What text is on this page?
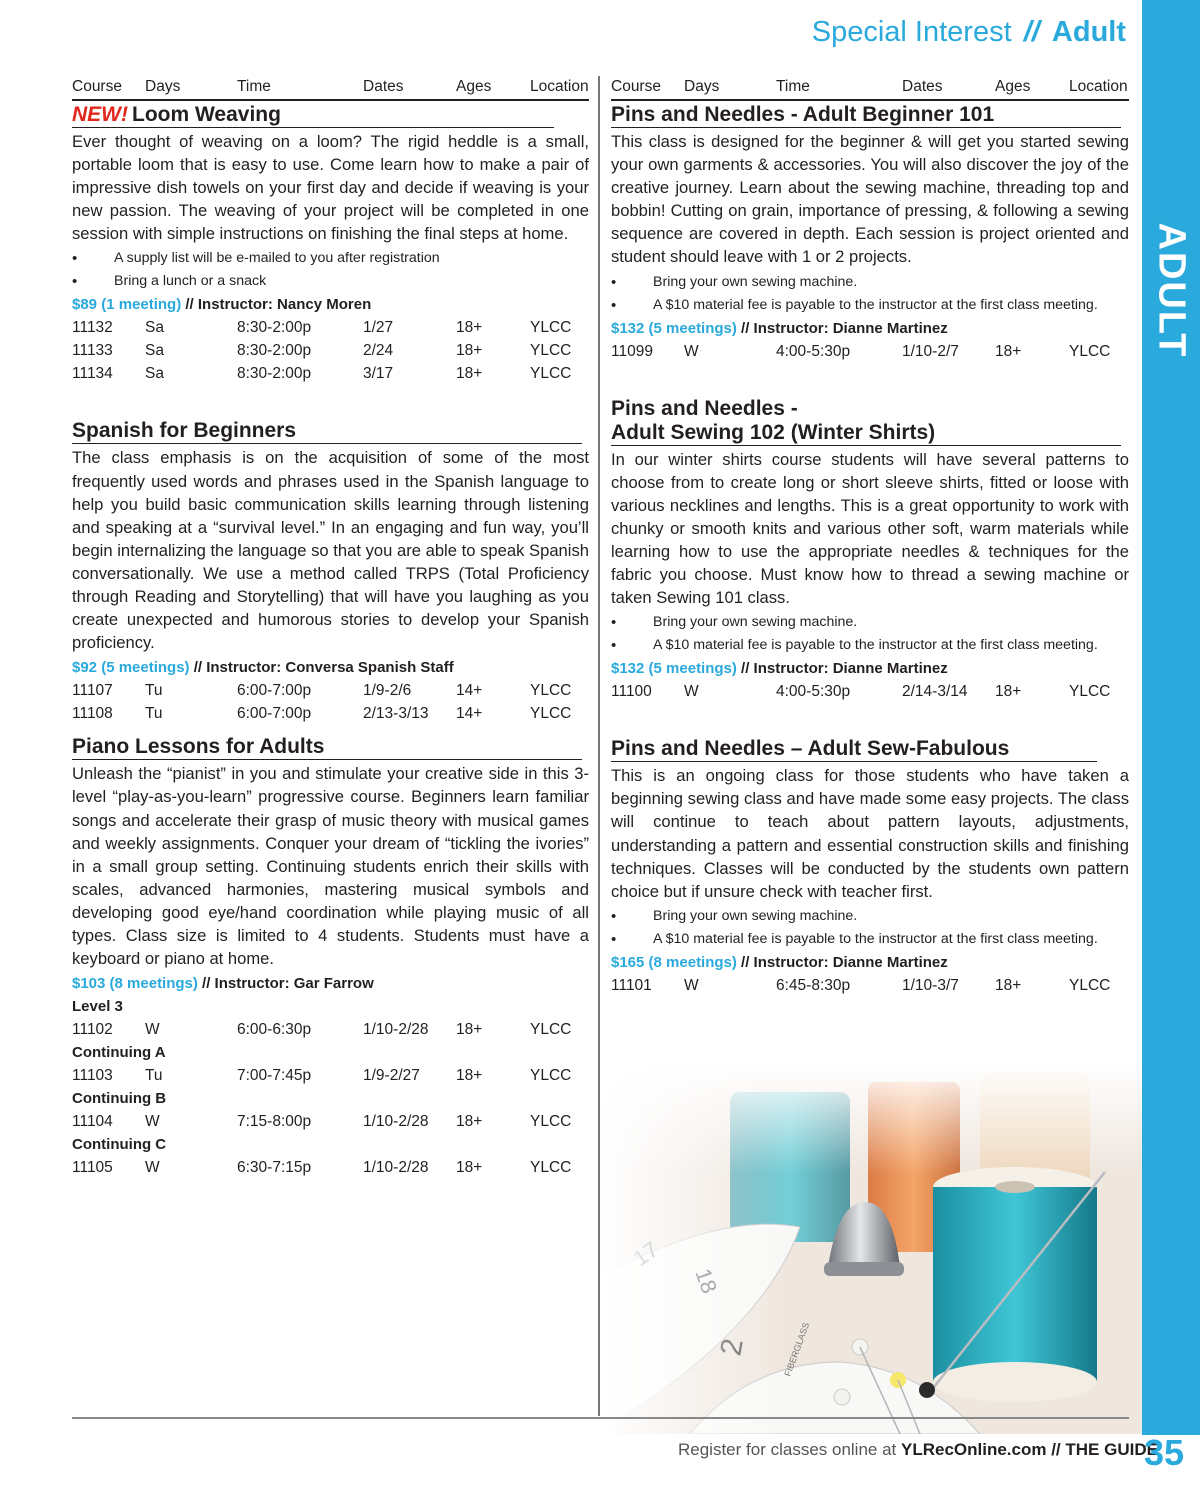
Special Interest // Adult
ADULT
Course	Days	Time	Dates	Ages	Location
NEW! Loom Weaving

Ever thought of weaving on a loom? The rigid heddle is a small, portable loom that is easy to use. Come learn how to make a pair of impressive dish towels on your first day and decide if weaving is your new passion. The weaving of your project will be completed in one session with simple instructions on finishing the final steps at home.

• A supply list will be e-mailed to you after registration
• Bring a lunch or a snack
$89 (1 meeting) // Instructor: Nancy Moren
11132	Sa	8:30-2:00p	1/27	18+	YLCC
11133	Sa	8:30-2:00p	2/24	18+	YLCC
11134	Sa	8:30-2:00p	3/17	18+	YLCC
Spanish for Beginners

The class emphasis is on the acquisition of some of the most frequently used words and phrases used in the Spanish language to help you build basic communication skills learning through listening and speaking at a “survival level.” In an engaging and fun way, you’ll begin internalizing the language so that you are able to speak Spanish conversationally. We use a method called TRPS (Total Proficiency through Reading and Storytelling) that will have you laughing as you create unexpected and humorous stories to develop your Spanish proficiency.

$92 (5 meetings) // Instructor: Conversa Spanish Staff
11107	Tu	6:00-7:00p	1/9-2/6	14+	YLCC
11108	Tu	6:00-7:00p	2/13-3/13	14+	YLCC
Piano Lessons for Adults

Unleash the “pianist” in you and stimulate your creative side in this 3-level “play-as-you-learn” progressive course. Beginners learn familiar songs and accelerate their grasp of music theory with musical games and weekly assignments. Conquer your dream of “tickling the ivories” in a small group setting. Continuing students enrich their skills with scales, advanced harmonies, mastering musical symbols and developing good eye/hand coordination while playing music of all types. Class size is limited to 4 students. Students must have a keyboard or piano at home.

$103 (8 meetings) // Instructor: Gar Farrow
Level 3
11102	W	6:00-6:30p	1/10-2/28	18+	YLCC
Continuing A
11103	Tu	7:00-7:45p	1/9-2/27	18+	YLCC
Continuing B
11104	W	7:15-8:00p	1/10-2/28	18+	YLCC
Continuing C
11105	W	6:30-7:15p	1/10-2/28	18+	YLCC
Course	Days	Time	Dates	Ages	Location
Pins and Needles - Adult Beginner 101

This class is designed for the beginner & will get you started sewing your own garments & accessories. You will also discover the joy of the creative journey. Learn about the sewing machine, threading top and bobbin! Cutting on grain, importance of pressing, & following a sewing sequence are covered in depth. Each session is project oriented and student should leave with 1 or 2 projects.

• Bring your own sewing machine.
• A $10 material fee is payable to the instructor at the first class meeting.
$132 (5 meetings) // Instructor: Dianne Martinez
11099	W	4:00-5:30p	1/10-2/7	18+	YLCC
Pins and Needles -
Adult Sewing 102 (Winter Shirts)

In our winter shirts course students will have several patterns to choose from to create long or short sleeve shirts, fitted or loose with various necklines and lengths. This is a great opportunity to work with chunky or smooth knits and various other soft, warm materials while learning how to use the appropriate needles & techniques for the fabric you choose. Must know how to thread a sewing machine or taken Sewing 101 class.

• Bring your own sewing machine.
• A $10 material fee is payable to the instructor at the first class meeting.
$132 (5 meetings) // Instructor: Dianne Martinez
11100	W	4:00-5:30p	2/14-3/14	18+	YLCC
Pins and Needles – Adult Sew-Fabulous

This is an ongoing class for those students who have taken a beginning sewing class and have made some easy projects. The class will continue to teach about pattern layouts, adjustments, understanding a pattern and essential construction skills and finishing techniques. Classes will be conducted by the students own pattern choice but if unsure check with teacher first.

• Bring your own sewing machine.
• A $10 material fee is payable to the instructor at the first class meeting.
$165 (8 meetings) // Instructor: Dianne Martinez
11101	W	6:45-8:30p	1/10-3/7	18+	YLCC
Register for classes online at YLRecOnline.com // THE GUIDE
35
